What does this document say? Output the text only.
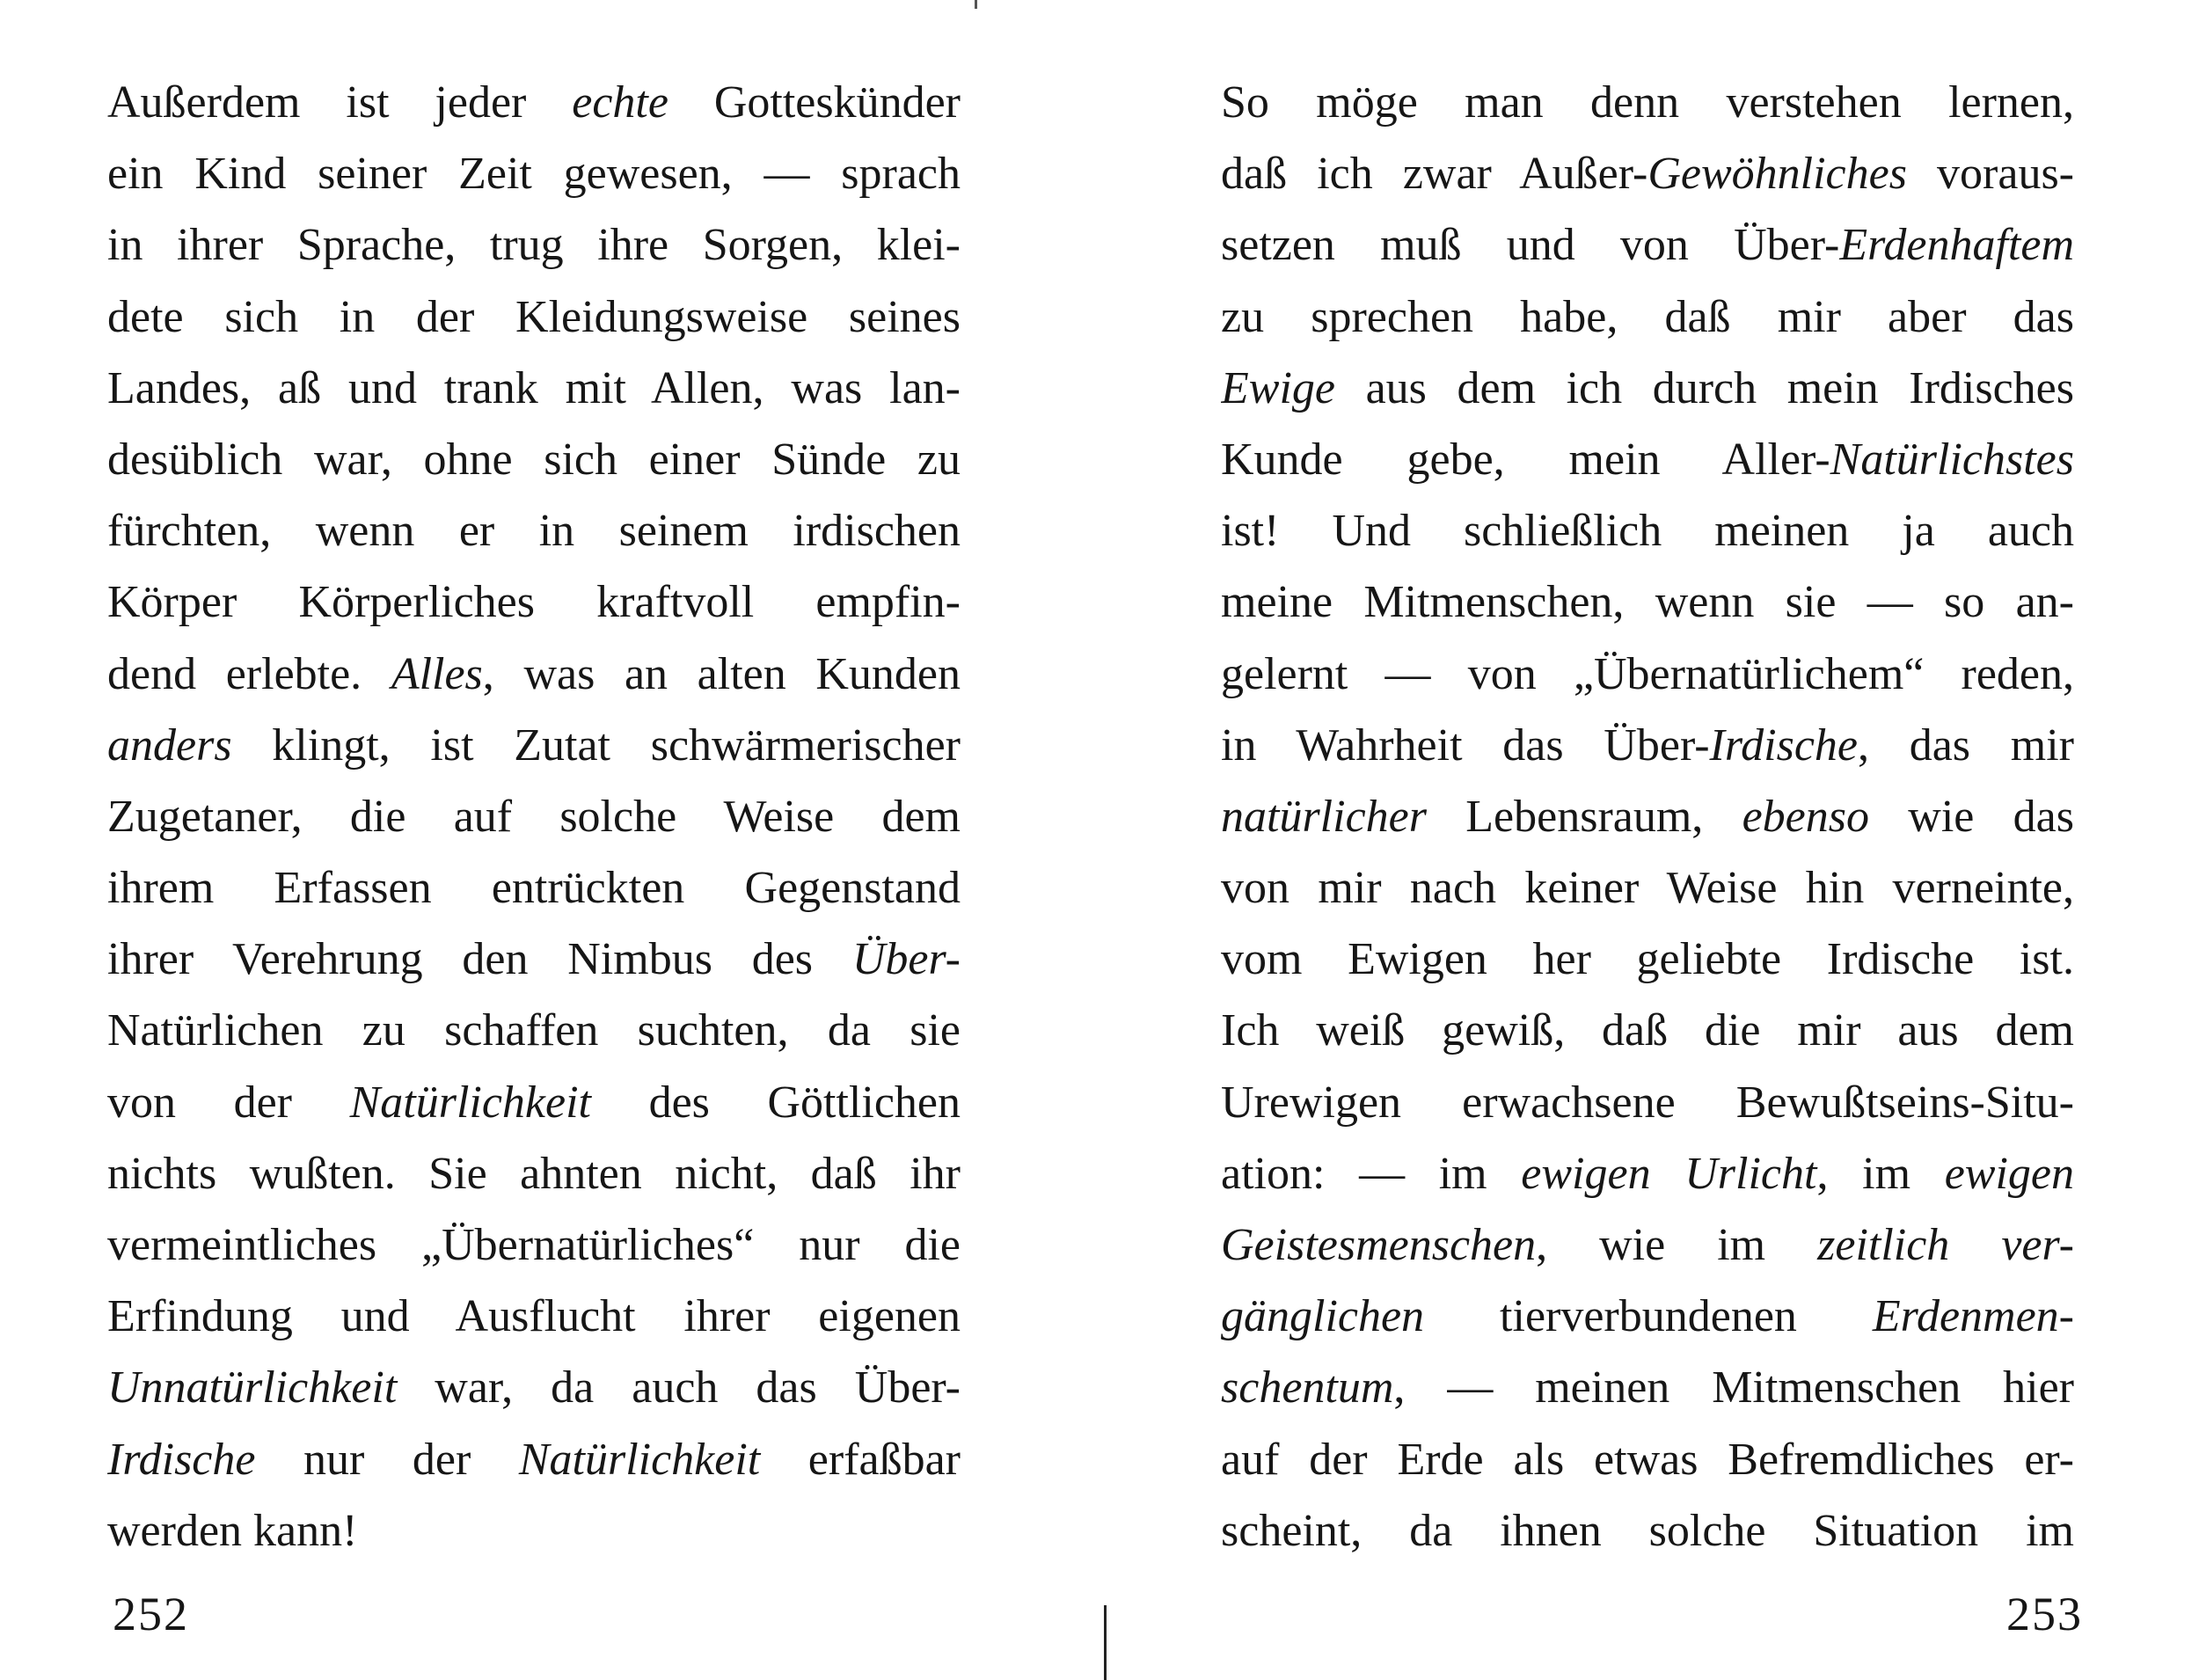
Außerdem ist jeder echte Gotteskünder
ein Kind seiner Zeit gewesen, — sprach
in ihrer Sprache, trug ihre Sorgen, klei-
dete sich in der Kleidungsweise seines
Landes, aß und trank mit Allen, was lan-
desüblich war, ohne sich einer Sünde zu
fürchten, wenn er in seinem irdischen
Körper Körperliches kraftvoll empfin-
dend erlebte. Alles, was an alten Kunden
anders klingt, ist Zutat schwärmerischer
Zugetaner, die auf solche Weise dem
ihrem Erfassen entrückten Gegenstand
ihrer Verehrung den Nimbus des Über-
Natürlichen zu schaffen suchten, da sie
von der Natürlichkeit des Göttlichen
nichts wußten. Sie ahnten nicht, daß ihr
vermeintliches „Übernatürliches“ nur die
Erfindung und Ausflucht ihrer eigenen
Unnatürlichkeit war, da auch das Über-
Irdische nur der Natürlichkeit erfaßbar
werden kann!
252
So möge man denn verstehen lernen,
daß ich zwar Außer-Gewöhnliches voraus-
setzen muß und von Über-Erdenhaftem
zu sprechen habe, daß mir aber das
Ewige aus dem ich durch mein Irdisches
Kunde gebe, mein Aller-Natürlichstes
ist! Und schließlich meinen ja auch
meine Mitmenschen, wenn sie — so an-
gelernt — von „Übernatürlichem“ reden,
in Wahrheit das Über-Irdische, das mir
natürlicher Lebensraum, ebenso wie das
von mir nach keiner Weise hin verneinte,
vom Ewigen her geliebte Irdische ist.
Ich weiß gewiß, daß die mir aus dem
Urewigen erwachsene Bewußtseins-Situ-
ation: — im ewigen Urlicht, im ewigen
Geistesmenschen, wie im zeitlich ver-
gänglichen tierverbundenen Erdenmen-
schentum, — meinen Mitmenschen hier
auf der Erde als etwas Befremdliches er-
scheint, da ihnen solche Situation im
253
